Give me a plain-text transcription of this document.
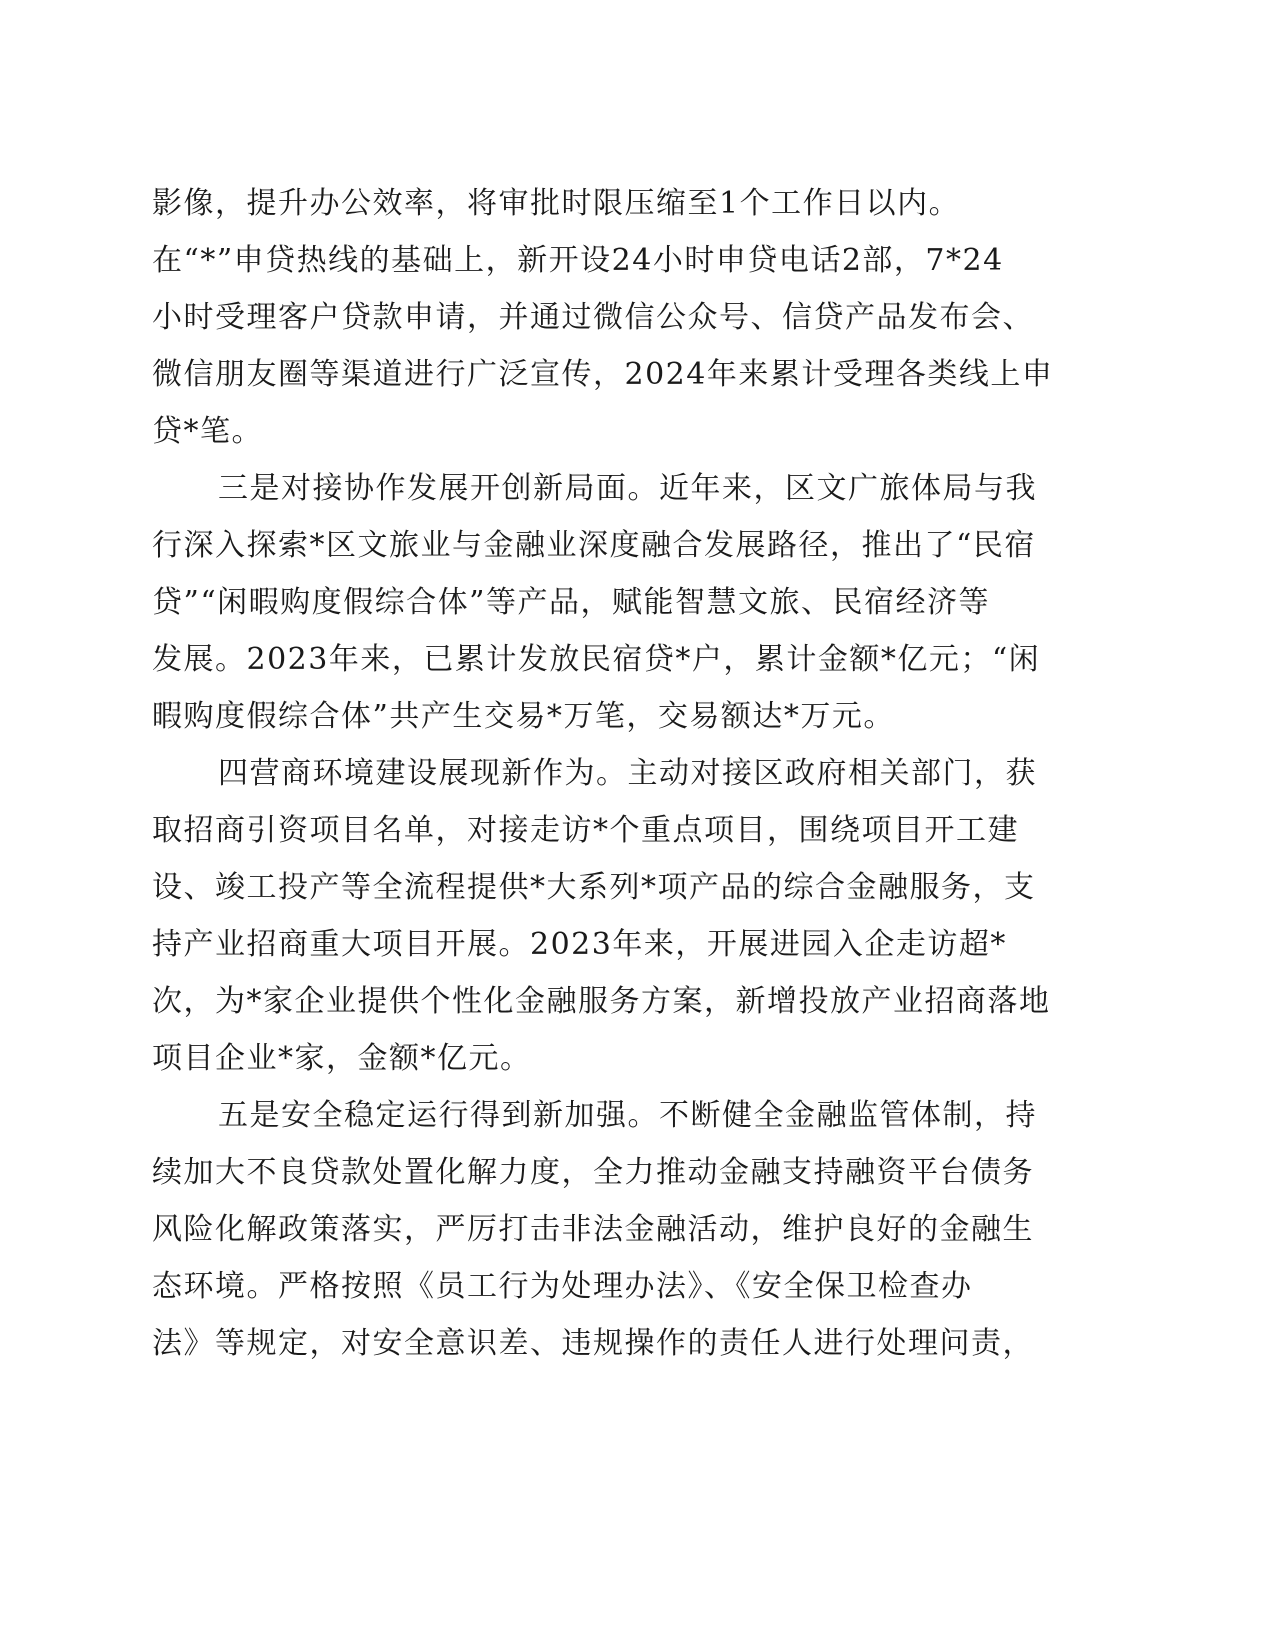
影像，提升办公效率，将审批时限压缩至1个工作日以内。
在“*”申贷热线的基础上，新开设24小时申贷电话2部，7*24
小时受理客户贷款申请，并通过微信公众号、信贷产品发布会、
微信朋友圈等渠道进行广泛宣传，2024年来累计受理各类线上申
贷*笔。
三是对接协作发展开创新局面。近年来，区文广旅体局与我
行深入探索*区文旅业与金融业深度融合发展路径，推出了“民宿
贷”“闲暇购度假综合体”等产品，赋能智慧文旅、民宿经济等
发展。2023年来，已累计发放民宿贷*户，累计金额*亿元；“闲
暇购度假综合体”共产生交易*万笔，交易额达*万元。
四营商环境建设展现新作为。主动对接区政府相关部门，获
取招商引资项目名单，对接走访*个重点项目，围绕项目开工建
设、竣工投产等全流程提供*大系列*项产品的综合金融服务，支
持产业招商重大项目开展。2023年来，开展进园入企走访超*
次，为*家企业提供个性化金融服务方案，新增投放产业招商落地
项目企业*家，金额*亿元。
五是安全稳定运行得到新加强。不断健全金融监管体制，持
续加大不良贷款处置化解力度，全力推动金融支持融资平台债务
风险化解政策落实，严厉打击非法金融活动，维护良好的金融生
态环境。严格按照《员工行为处理办法》、《安全保卫检查办
法》等规定，对安全意识差、违规操作的责任人进行处理问责，
